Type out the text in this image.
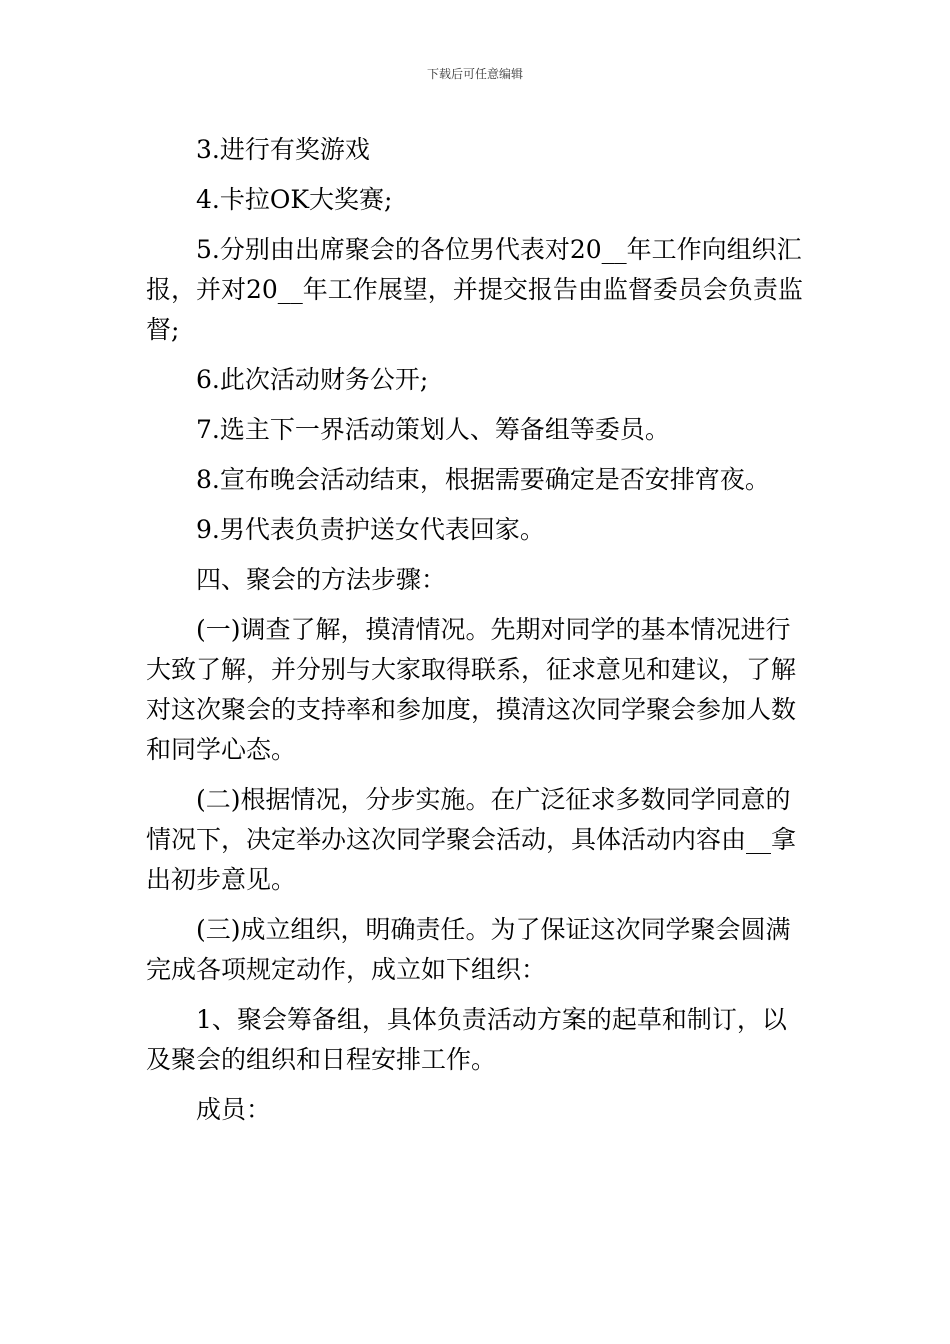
下载后可任意编辑

3.进行有奖游戏

4.卡拉OK大奖赛;

5.分别由出席聚会的各位男代表对20__年工作向组织汇报，并对20__年工作展望，并提交报告由监督委员会负责监督;

6.此次活动财务公开;

7.选主下一界活动策划人、筹备组等委员。

8.宣布晚会活动结束，根据需要确定是否安排宵夜。

9.男代表负责护送女代表回家。

四、聚会的方法步骤：

(一)调查了解，摸清情况。先期对同学的基本情况进行大致了解，并分别与大家取得联系，征求意见和建议，了解对这次聚会的支持率和参加度，摸清这次同学聚会参加人数和同学心态。

(二)根据情况，分步实施。在广泛征求多数同学同意的情况下，决定举办这次同学聚会活动，具体活动内容由__拿出初步意见。

(三)成立组织，明确责任。为了保证这次同学聚会圆满完成各项规定动作，成立如下组织：

1、聚会筹备组，具体负责活动方案的起草和制订，以及聚会的组织和日程安排工作。

成员：
